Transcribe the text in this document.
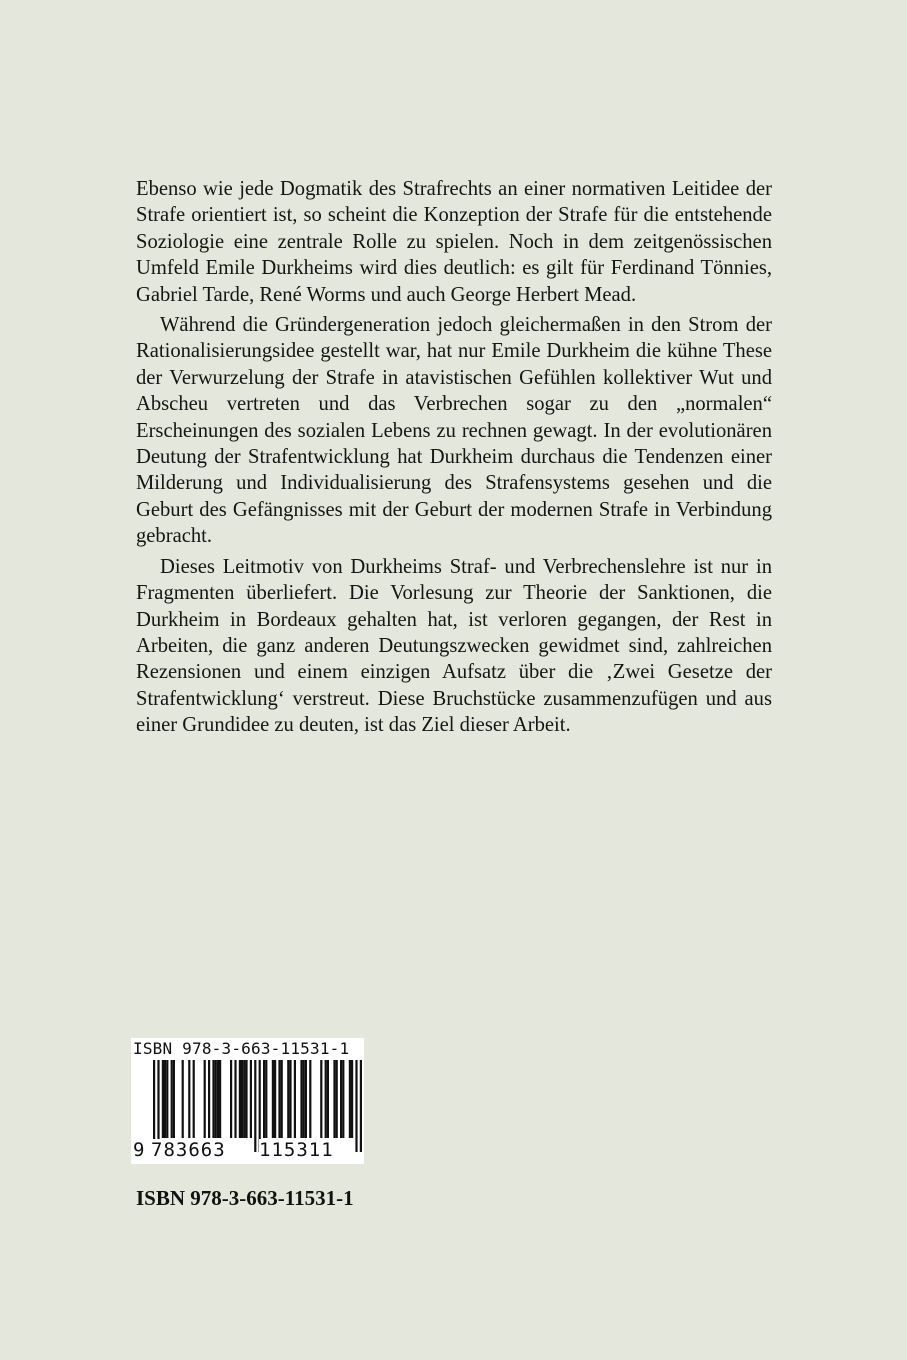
Ebenso wie jede Dogmatik des Strafrechts an einer normativen Leitidee der Strafe orientiert ist, so scheint die Konzeption der Strafe für die entstehende Soziologie eine zentrale Rolle zu spielen. Noch in dem zeitgenössischen Umfeld Emile Durkheims wird dies deutlich: es gilt für Ferdinand Tönnies, Gabriel Tarde, René Worms und auch George Herbert Mead.

Während die Gründergeneration jedoch gleichermaßen in den Strom der Rationalisierungsidee gestellt war, hat nur Emile Durkheim die kühne These der Verwurzelung der Strafe in atavistischen Gefühlen kollektiver Wut und Abscheu vertreten und das Verbrechen sogar zu den „normalen“ Erscheinungen des sozialen Lebens zu rechnen gewagt. In der evolutionären Deutung der Strafentwicklung hat Durkheim durchaus die Tendenzen einer Milderung und Individualisierung des Strafensystems gesehen und die Geburt des Gefängnisses mit der Geburt der modernen Strafe in Verbindung gebracht.

Dieses Leitmotiv von Durkheims Straf- und Verbrechenslehre ist nur in Fragmenten überliefert. Die Vorlesung zur Theorie der Sanktionen, die Durkheim in Bordeaux gehalten hat, ist verloren gegangen, der Rest in Arbeiten, die ganz anderen Deutungszwecken gewidmet sind, zahlreichen Rezensionen und einem einzigen Aufsatz über die ‚Zwei Gesetze der Strafentwicklung‘ verstreut. Diese Bruchstücke zusammenzufügen und aus einer Grundidee zu deuten, ist das Ziel dieser Arbeit.

ISBN 978-3-663-11531-1
9 783663 115311
ISBN 978-3-663-11531-1
